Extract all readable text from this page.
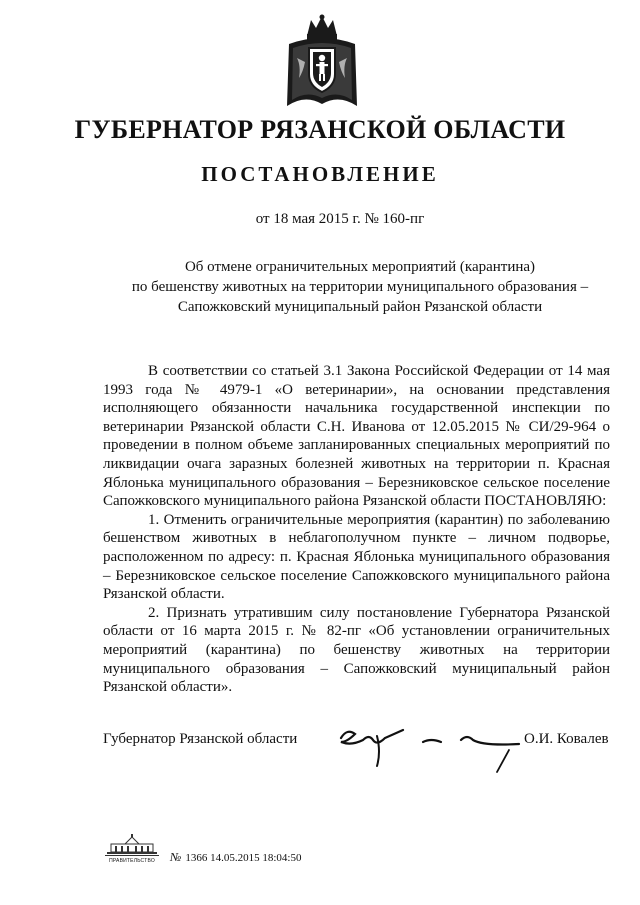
ГУБЕРНАТОР РЯЗАНСКОЙ ОБЛАСТИ
ПОСТАНОВЛЕНИЕ
от 18 мая 2015 г. № 160-пг
Об отмене ограничительных мероприятий (карантина)
по бешенству животных на территории муниципального образования –
Сапожковский муниципальный район Рязанской области

В соответствии со статьей 3.1 Закона Российской Федерации от 14 мая 1993 года № 4979-1 «О ветеринарии», на основании представления исполняющего обязанности начальника государственной инспекции по ветеринарии Рязанской области С.Н. Иванова от 12.05.2015 № СИ/29-964 о проведении в полном объеме запланированных специальных мероприятий по ликвидации очага заразных болезней животных на территории п. Красная Яблонька муниципального образования – Березниковское сельское поселение Сапожковского муниципального района Рязанской области ПОСТАНОВЛЯЮ:

1. Отменить ограничительные мероприятия (карантин) по заболеванию бешенством животных в неблагополучном пункте – личном подворье, расположенном по адресу: п. Красная Яблонька муниципального образования – Березниковское сельское поселение Сапожковского муниципального района Рязанской области.

2. Признать утратившим силу постановление Губернатора Рязанской области от 16 марта 2015 г. № 82-пг «Об установлении ограничительных мероприятий (карантина) по бешенству животных на территории муниципального образования – Сапожковский муниципальный район Рязанской области».

Губернатор Рязанской области	О.И. Ковалев
ПРАВИТЕЛЬСТВО	№ 1366 14.05.2015 18:04:50
